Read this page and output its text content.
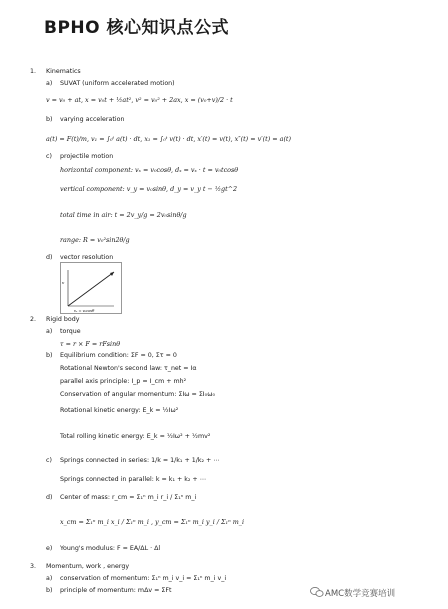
BPHO 核心知识点公式
1. Kinematics
a) SUVAT (uniform accelerated motion)
v = v₀ + at, x = v₀t + ½at², v² = v₀² + 2ax, x = (v₀+v)/2 · t
b) varying acceleration
a(t) = F(t)/m, v₁ = ∫₀ᵗ a(t) · dt, x₁ = ∫₀ᵗ v(t) · dt, x′(t) = v(t), x″(t) = v′(t) = a(t)
c) projectile motion
horizontal component: vₓ = v₀cosθ, dₓ = vₓ · t = v₀tcosθ
vertical component: v_y = v₀sinθ, d_y = v_y t − ½gt^2
total time in air: t = 2v_y/g = 2v₀sinθ/g
range: R = v₀²sin2θ/g
d) vector resolution
v
vₓ = v₀cosθ
2. Rigid body
a) torque
τ = r × F = rFsinθ
b) Equilibrium condition: ΣF = 0, Στ = 0
Rotational Newton's second law: τ_net = Iα
parallel axis principle: I_p = I_cm + mh²
Conservation of angular momentum: ΣIω = ΣI₀ω₀
Rotational kinetic energy: E_k = ½Iω²
Total rolling kinetic energy: E_k = ½Iω² + ½mv²
c) Springs connected in series: 1/k = 1/k₁ + 1/k₂ + ⋯
Springs connected in parallel: k = k₁ + k₂ + ⋯
d) Center of mass: r_cm = Σ₁ⁿ m_i r_i / Σ₁ⁿ m_i
x_cm = Σ₁ⁿ m_i x_i / Σ₁ⁿ m_i , y_cm = Σ₁ⁿ m_i y_i / Σ₁ⁿ m_i
e) Young's modulus: F = EA/ΔL · Δl
3. Momentum, work , energy
a) conservation of momentum: Σ₁ⁿ m_i v_i = Σ₁ⁿ m_i v_i
b) principle of momentum: mΔv = ΣFt	AMC数学竞赛培训
